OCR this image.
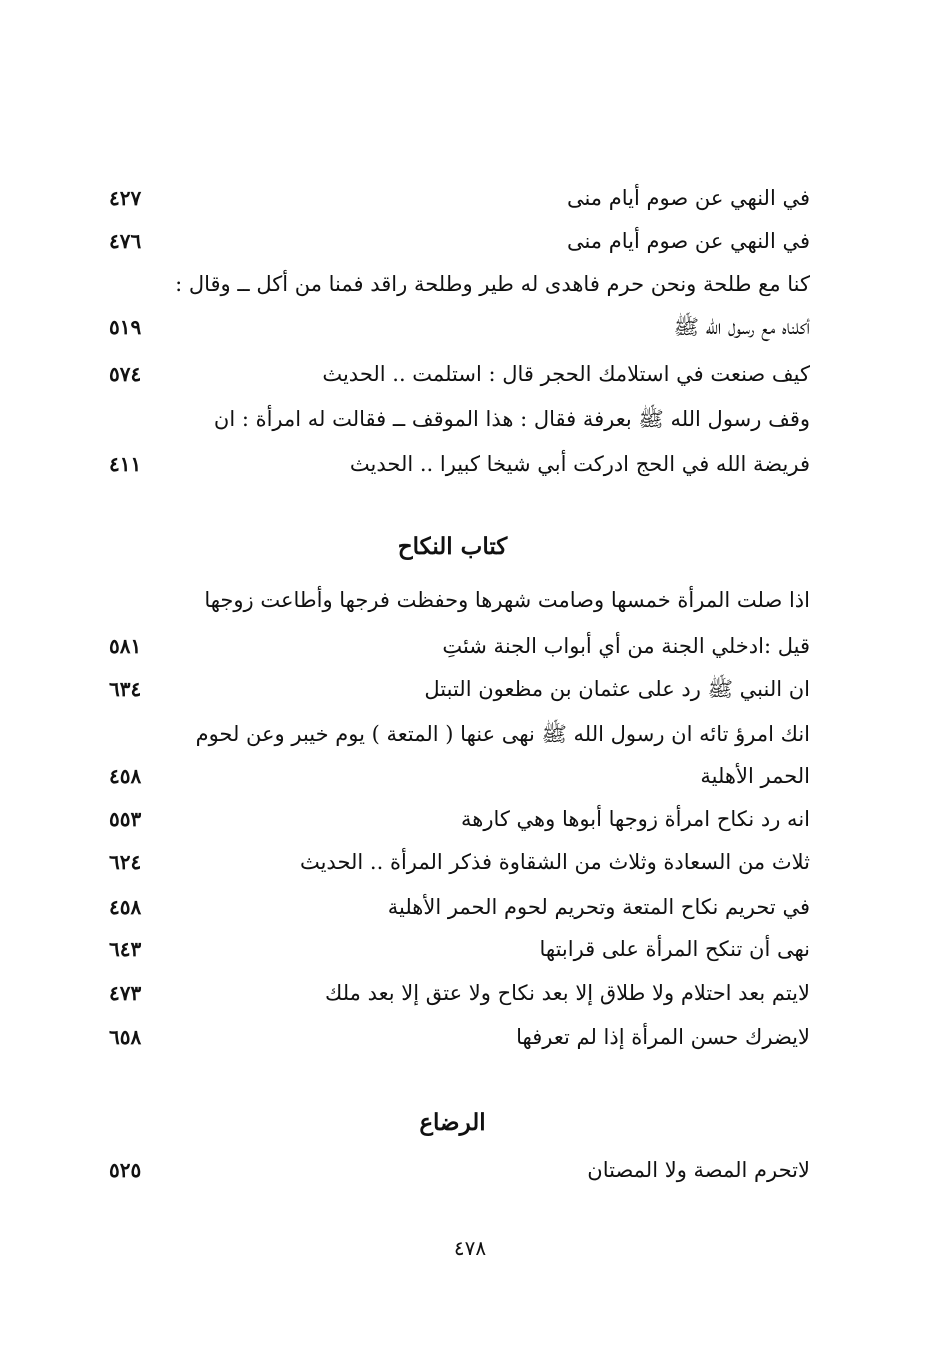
في النهي عن صوم أيام منى
٤٢٧
في النهي عن صوم أيام منى
٤٧٦
كنا مع طلحة ونحن حرم فاهدى له طير وطلحة راقد فمنا من أكل ــ وقال :
أكلناه مع رسول الله ﷺ
٥١٩
كيف صنعت في استلامك الحجر قال : استلمت .. الحديث
٥٧٤
وقف رسول الله ﷺ بعرفة فقال : هذا الموقف ــ فقالت له امرأة : ان
فريضة الله في الحج ادركت أبي شيخا كبيرا .. الحديث
٤١١
كتاب النكاح
اذا صلت المرأة خمسها وصامت شهرها وحفظت فرجها وأطاعت زوجها
قيل :ادخلي الجنة من أي أبواب الجنة شئتِ
٥٨١
ان النبي ﷺ رد على عثمان بن مظعون التبتل
٦٣٤
انك امرؤ تائه ان رسول الله ﷺ نهى عنها ( المتعة ) يوم خيبر وعن لحوم
الحمر الأهلية
٤٥٨
انه رد نكاح امرأة زوجها أبوها وهي كارهة
٥٥٣
ثلاث من السعادة وثلاث من الشقاوة فذكر المرأة .. الحديث
٦٢٤
في تحريم نكاح المتعة وتحريم لحوم الحمر الأهلية
٤٥٨
نهى أن تنكح المرأة على قرابتها
٦٤٣
لايتم بعد احتلام ولا طلاق إلا بعد نكاح ولا عتق إلا بعد ملك
٤٧٣
لايضرك حسن المرأة إذا لم تعرفها
٦٥٨
الرضاع
لاتحرم المصة ولا المصتان
٥٢٥
٤٧٨
